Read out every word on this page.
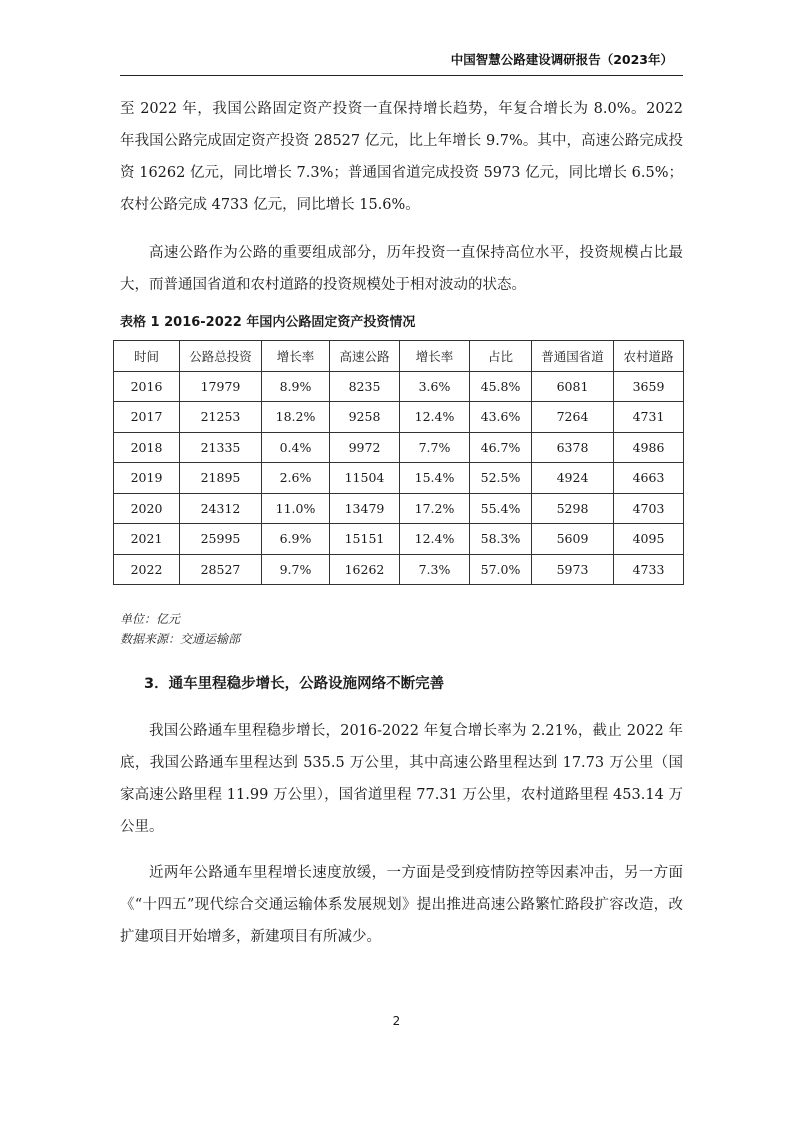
中国智慧公路建设调研报告（2023年）

至 2022 年，我国公路固定资产投资一直保持增长趋势，年复合增长为 8.0%。2022 年我国公路完成固定资产投资 28527 亿元，比上年增长 9.7%。其中，高速公路完成投资 16262 亿元，同比增长 7.3%；普通国省道完成投资 5973 亿元，同比增长 6.5%；农村公路完成 4733 亿元，同比增长 15.6%。

高速公路作为公路的重要组成部分，历年投资一直保持高位水平，投资规模占比最大，而普通国省道和农村道路的投资规模处于相对波动的状态。

表格 1 2016-2022 年国内公路固定资产投资情况
时间	公路总投资	增长率	高速公路	增长率	占比	普通国省道	农村道路
2016	17979	8.9%	8235	3.6%	45.8%	6081	3659
2017	21253	18.2%	9258	12.4%	43.6%	7264	4731
2018	21335	0.4%	9972	7.7%	46.7%	6378	4986
2019	21895	2.6%	11504	15.4%	52.5%	4924	4663
2020	24312	11.0%	13479	17.2%	55.4%	5298	4703
2021	25995	6.9%	15151	12.4%	58.3%	5609	4095
2022	28527	9.7%	16262	7.3%	57.0%	5973	4733
单位：亿元
数据来源：交通运输部
3．通车里程稳步增长，公路设施网络不断完善

我国公路通车里程稳步增长，2016-2022 年复合增长率为 2.21%，截止 2022 年底，我国公路通车里程达到 535.5 万公里，其中高速公路里程达到 17.73 万公里（国家高速公路里程 11.99 万公里），国省道里程 77.31 万公里，农村道路里程 453.14 万公里。

近两年公路通车里程增长速度放缓，一方面是受到疫情防控等因素冲击，另一方面《“十四五”现代综合交通运输体系发展规划》提出推进高速公路繁忙路段扩容改造，改扩建项目开始增多，新建项目有所减少。

2
